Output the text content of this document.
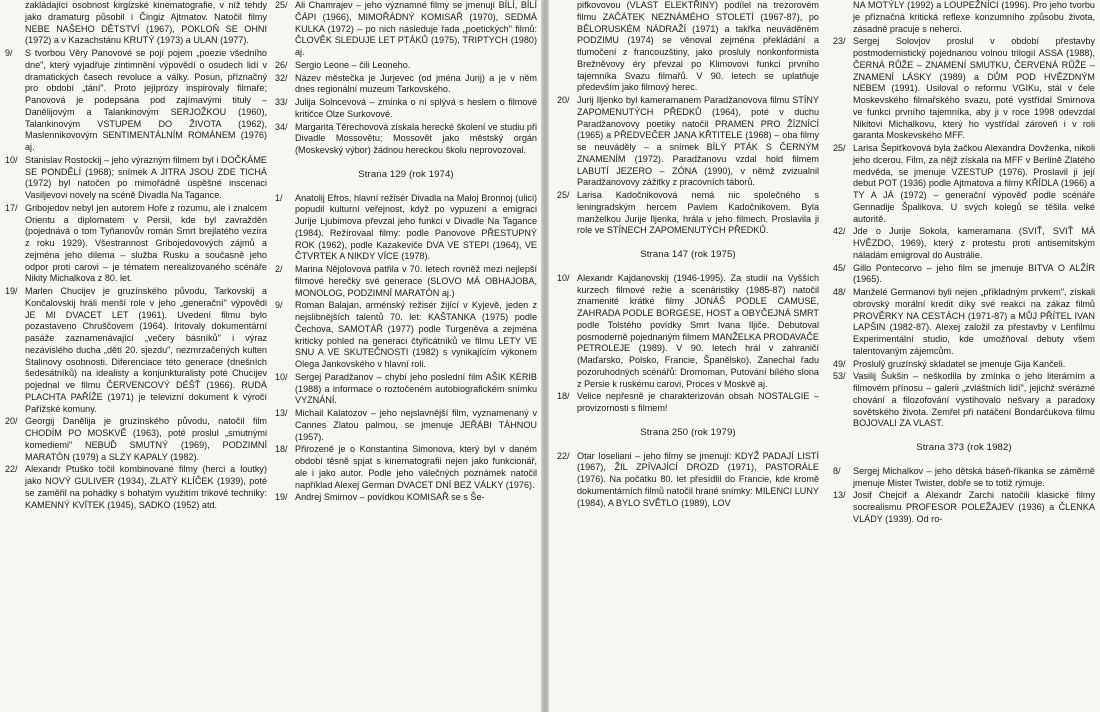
zakládající osobnost kirgizské kinematografie, v níž tehdy jako dramaturg působil i Čingiz Ajtmatov. Natočil filmy NEBE NAŠEHO DĚTSTVÍ (1967), POKLOŇ SE OHNI (1972) a v Kazachstánu KRUTÝ (1973) a ULAN (1977).
9/	S tvorbou Věry Panovové se pojí pojem „poezie všedního dne", který vyjadřuje zintimnění výpovědí o osudech lidí v dramatických časech revoluce a války. Posun, příznačný pro období „tání". Proto jejíprózy inspirovaly filmaře; Panovová je podepsána pod zajímavými tituly – Danělijovým a Talankinovým SERJOŽKOU (1960), Talankinovým VSTUPEM DO ŽIVOTA (1962), Maslennikovovým SENTIMENTÁLNÍM ROMÁNEM (1976) aj.
10/ Stanislav Rostockij – jeho výrazným filmem byl i DOČKÁME SE PONDĚLÍ (1968); snímek A JITRA JSOU ZDE TICHÁ (1972) byl natočen po mimořádně úspěšné inscenaci Vasiljevovi novely na scéně Divadla Na Tagance.
17/ Gribojedov nebyl jen autorem Hoře z rozumu, ale i znalcem Orientu a diplomatem v Persii, kde byl zavražděn (pojednává o tom Tyňanovův román Smrt brejlatého vezíra z roku 1929). Všestrannost Gribojedovových zájmů a zejména jeho dilema – služba Rusku a současně jeho odpor proti carovi – je tématem nerealizovaného scénáře Nikity Michalkova z 80. let.
19/ Marlen Chucijev je gruzínského původu, Tarkovskij a Končalovskij hráli menší role v jeho „generační" výpovědi JE MI DVACET LET (1961). Uvedení filmu bylo pozastaveno Chruščovem (1964). Iritovaly dokumentární pasáže zaznamenávající „večery básníků" i výraz nezávislého ducha „dětí 20. sjezdu", nezmrzačených kulten Stalinovy osobnosti. Diferenciace této generace (dnešních šedesátníků) na idealisty a konjunkturalisty poté Chucijev pojednal ve filmu ČERVENCOVÝ DÉŠŤ (1966). RUDÁ PLACHTA PAŘÍŽE (1971) je televizní dokument k výročí Pařížské komuny.
20/ Georgij Danělija je gruzínského původu, natočil film CHODÍM PO MOSKVĚ (1963), poté proslul „smutnými komediemi" NEBUĎ SMUTNÝ (1969), PODZIMNÍ MARATÓN (1979) a SLZY KAPALY (1982).
22/ Alexandr Ptuško točil kombinované filmy (herci a loutky) jako NOVÝ GULIVER (1934), ZLATÝ KLÍČEK (1939), poté se zaměřil na pohádky s bohatým využitím trikové techniky: KAMENNÝ KVÍTEK (1945), SADKO (1952) atd.
25/ Ali Chamrajev – jeho významné filmy se jmenují BÍLÍ, BÍLÍ ČÁPI (1966), MIMOŘÁDNÝ KOMISAŘ (1970), SEDMÁ KULKA (1972) – po nich následuje řada „poetických" filmů: ČLOVĚK SLEDUJE LET PTÁKŮ (1975), TRIPTYCH (1980) aj.
26/ Sergio Leone – čili Leoneho.
32/ Název městečka je Jurjevec (od jména Jurij) a je v něm dnes regionální muzeum Tarkovského.
33/ Julija Solncevová – zmínka o ní splývá s heslem o filmové kritičce Olze Surkovové.
34/ Margarita Těrechovová získala herecké školení ve studiu při Divadle Mossovětu; Mossovět jako městský orgán (Moskevský výbor) žádnou hereckou školu neprovozoval.
Strana 129 (rok 1974)
1/	Anatolij Efros, hlavní režisér Divadla na Maloj Bronnoj (ulici) popudil kulturní veřejnost, když po vypuzení a emigraci Jurije Ljubimova převzal jeho funkci v Divadle Na Tagance (1984). Režírovaal filmy: podle Panovové PŘESTUPNÝ ROK (1962), podle Kazakeviče DVA VE STEPI (1964), VE ČTVRTEK A NIKDY VÍCE (1978).
2/	Marina Nějolovová patřila v 70. letech rovněž mezi nejlepší filmové herečky své generace (SLOVO MÁ OBHAJOBA, MONOLOG, PODZIMNÍ MARATÓN aj.)
9/	Roman Balajan, arménský režisér žijící v Kyjevě, jeden z nejslibnějších talentů 70. let: KAŠTANKA (1975) podle Čechova, SAMOTÁŘ (1977) podle Turgeněva a zejména kriticky pohled na generaci čtyřicátníků ve filmu LETY VE SNU A VE SKUTEČNOSTI (1982) s vynikajícím výkonem Olega Jankovského v hlavní roli.
10/ Sergej Paradžanov – chybí jeho poslední film AŠIK KERIB (1988) a informace o roztočeném autobiografickém snímku VYZNÁNÍ.
13/ Michail Kalatozov – jeho nejslavnější film, vyznamenaný v Cannes Zlatou palmou, se jmenuje JEŘÁBI TÁHNOU (1957).
18/ Přirozeně je o Konstantina Simonova, který byl v daném období těsně spjat s kinematografii nejen jako funkcionář, ale i jako autor. Podle jeho válečných poznámek natočil například Alexej German DVACET DNÍ BEZ VÁLKY (1976).
19/ Andrej Smirnov – povídkou KOMISAŘ se s Še-
pifkovovou (VLAST ELEKTŘINY) podílel na trezorovém filmu ZAČÁTEK NEZNÁMÉHO STOLETÍ (1967-87), po BĚLORUSKÉM NÁDRAŽÍ (1971) a takřka neuváděném PODZIMU (1974) se věnoval zejména překládání a tlumočení z francouzštiny, jako prosluly nonkonformista Brežněvovy éry převzal po Klimovovi funkci prvního tajemníka Svazu filmařů. V 90. letech se uplatňuje především jako filmový herec.
20/ Jurij Iljenko byl kameramanem Paradžanovova filmu STÍNY ZAPOMENUTÝCH PŘEDKŮ (1964), poté v duchu Paradžanovovy poetiky natočil PRAMEN PRO ŽÍZNÍCÍ (1965) a PŘEDVEČER JANA KŘTITELE (1968) – oba filmy se neuváděly – a snímek BÍLÝ PTÁK S ČERNÝM ZNAMENÍM (1972). Paradžanovu vzdal hold filmem LABUTÍ JEZERO – ZÓNA (1990), v němž zvizualnil Paradžanovovy zážitky z pracovních táborů.
25/ Larisa Kadočnikovová nemá nic společného s leningradským hercem Pavlem Kadočnikovem. Byla manželkou Jurije Iljenka, hrála v jeho filmech. Proslavila ji role ve STÍNECH ZAPOMENUTÝCH PŘEDKŮ.
Strana 147 (rok 1975)
10/ Alexandr Kajdanovskij (1946-1995). Za studií na Vyšších kurzech filmové režie a scenáristiky (1985-87) natočil znamenité krátké filmy JONÁŠ PODLE CAMUSE, ZAHRADA PODLE BORGESE, HOST a OBYČEJNÁ SMRT podle Tolstého povídky Smrt Ivana Iljiče. Debutoval posmoderně pojednaným filmem MANŽELKA PRODAVAČE PETROLEJE (1989). V 90. letech hrál v zahraničí (Maďarsko, Polsko, Francie, Španělsko). Zanechal řadu pozoruhodných scénářů: Dromoman, Putování bílého slona z Persie k ruskému carovi, Proces v Moskvě aj.
18/ Velice nepřesně je charakterizován obsah NOSTALGIE – provizornosti s filmem!
Strana 250 (rok 1979)
22/ Otar Ioseliani – jeho filmy se jmenují: KDYŽ PADAJÍ LISTÍ (1967), ŽIL ZPÍVAJÍCÍ DROZD (1971), PASTORÁLE (1976). Na počátku 80. let přesídlil do Francie, kde kromě dokumentárních filmů natočil hrané snímky: MILENCI LUNY (1984), A BYLO SVĚTLO (1989), LOV
NA MOTÝLY (1992) a LOUPEŽNÍCI (1996). Pro jeho tvorbu je příznačná kritická reflexe konzumního způsobu života, zásadně pracuje s neherci.
23/ Sergej Solovjov proslul v období přestavby postmodernistický pojednanou volnou trilogií ASSA (1988), ČERNÁ RŮŽE – ZNAMENÍ SMUTKU, ČERVENÁ RŮŽE – ZNAMENÍ LÁSKY (1989) a DŮM POD HVĚZDNÝM NEBEM (1991). Usiloval o reformu VGIKu, stál v čele Moskevského filmařského svazu, poté vystřídal Smirnova ve funkci prvního tajemníka, aby ji v roce 1998 odevzdal Nikitovi Michalkovu, který ho vystřídal zároveň i v roli garanta Moskevského MFF.
25/ Larisa Šepiťkovová byla žačkou Alexandra Dovženka, nikoli jeho dcerou. Film, za nějž získala na MFF v Berlíně Zlatého medvěda, se jmenuje VZESTUP (1976). Proslavil ji její debut POT (1936) podle Ajtmatova a filmy KŘÍDLA (1966) a TY A JÁ (1972) – generační výpověď podle scénáře Gennadije Špalikova. U svých kolegů se těšila velké autoritě.
42/ Jde o Jurije Sokola, kameramana (SVIŤ, SVIŤ MÁ HVĚZDO, 1969), který z protestu proti antisemitským náladám emigroval do Austrálie.
45/ Gillo Pontecorvo – jeho film se jmenuje BITVA O ALŽÍR (1965).
48/ Manželé Germanovi byli nejen „příkladným prvkem", získali obrovský morální kredit díky své reakci na zákaz filmů PROVĚRKY NA CESTÁCH (1971-87) a MŮJ PŘÍTEL IVAN LAPŠIN (1982-87). Alexej založil za přestavby v Lenfilmu Experimentální studio, kde umožňoval debuty všem talentovaným zájemcům.
49/ Proslulý gruzínský skladatel se jmenuje Gija Kančeli.
53/ Vasilij Šukšin – neškodila by zmínka o jeho literárním a filmovém přínosu – galerii „zvláštních lidí", jejichž svérázné chování a filozofování vystihovalo nešvary a paradoxy sovětského života. Zemřel při natáčení Bondarčukova filmu BOJOVALI ZA VLAST.
Strana 373 (rok 1982)
8/	Sergej Michalkov – jeho dětská báseň-říkanka se záměrně jmenuje Mister Twister, dobře se to totiž rýmuje.
13/ Josif Chejcif a Alexandr Zarchi natočili klasické filmy socrealismu PROFESOR POLEŽAJEV (1936) a ČLENKA VLÁDY (1939). Od ro-
